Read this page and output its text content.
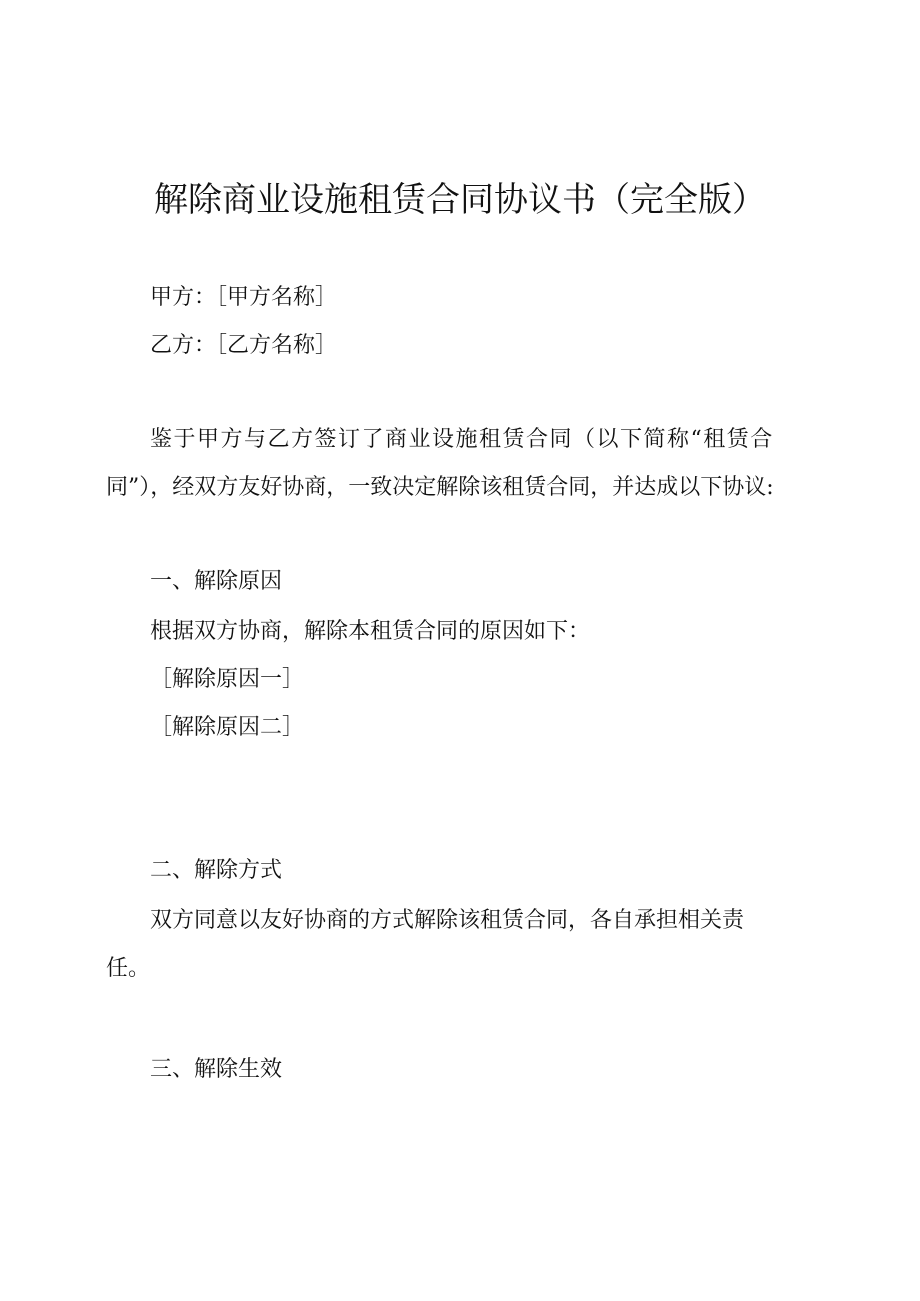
解除商业设施租赁合同协议书（完全版）
甲方：［甲方名称］
乙方：［乙方名称］
鉴于甲方与乙方签订了商业设施租赁合同（以下简称“租赁合
同”），经双方友好协商，一致决定解除该租赁合同，并达成以下协议:
一、解除原因
根据双方协商，解除本租赁合同的原因如下：
［解除原因一］
［解除原因二］
二、解除方式
双方同意以友好协商的方式解除该租赁合同，各自承担相关责
任。
三、解除生效
